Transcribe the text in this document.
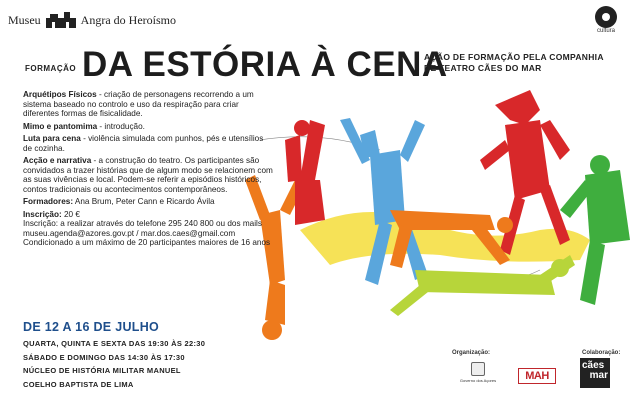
Museu	Angra do Heroísmo
cultura
FORMAÇÃO DA ESTÓRIA À CENA
AÇÃO DE FORMAÇÃO PELA COMPANHIA
DE TEATRO CÃES DO MAR

Arquétipos Físicos - criação de personagens recorrendo a um sistema baseado no controlo e uso da respiração para criar diferentes formas de fisicalidade.

Mimo e pantomima - introdução.

Luta para cena - violência simulada com punhos, pés e utensílios de cozinha.

Acção e narrativa - a construção do teatro. Os participantes são convidados a trazer histórias que de algum modo se relacionem com as suas vivências e local. Podem-se referir a episódios históricos, contos tradicionais ou acontecimentos contemporâneos.

Formadores: Ana Brum, Peter Cann e Ricardo Ávila

Inscrição: 20 €
Inscrição: a realizar através do telefone 295 240 800 ou dos mails museu.agenda@azores.gov.pt / mar.dos.caes@gmail.com
Condicionado a um máximo de 20 participantes maiores de 16 anos
DE 12 A 16 DE JULHO
QUARTA, QUINTA E SEXTA DAS 19:30 ÀS 22:30
SÁBADO E DOMINGO DAS 14:30 ÀS 17:30
NÚCLEO DE HISTÓRIA MILITAR MANUEL
COELHO BAPTISTA DE LIMA
Organização:
Governo dos Açores	MAH
Colaboração:
cães
mar
